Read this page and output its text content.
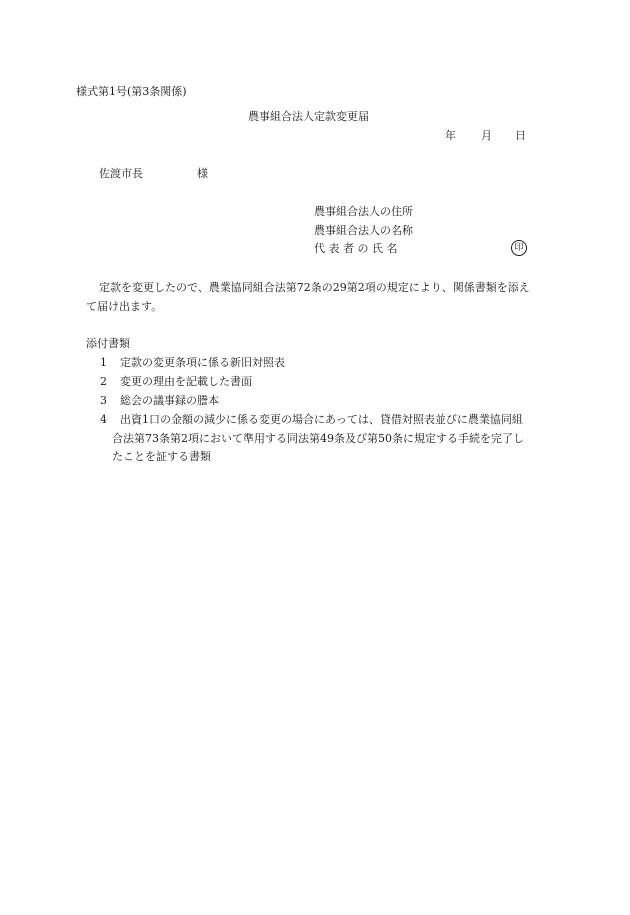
様式第1号(第3条関係)
農事組合法人定款変更届
年 月 日
佐渡市長	様
農事組合法人の住所
農事組合法人の名称
代 表 者 の 氏 名	印
定款を変更したので、農業協同組合法第72条の29第2項の規定により、関係書類を添え
て届け出ます。
添付書類
1 定款の変更条項に係る新旧対照表
2 変更の理由を記載した書面
3 総会の議事録の謄本
4 出資1口の金額の減少に係る変更の場合にあっては、貸借対照表並びに農業協同組
合法第73条第2項において準用する同法第49条及び第50条に規定する手続を完了し
たことを証する書類
